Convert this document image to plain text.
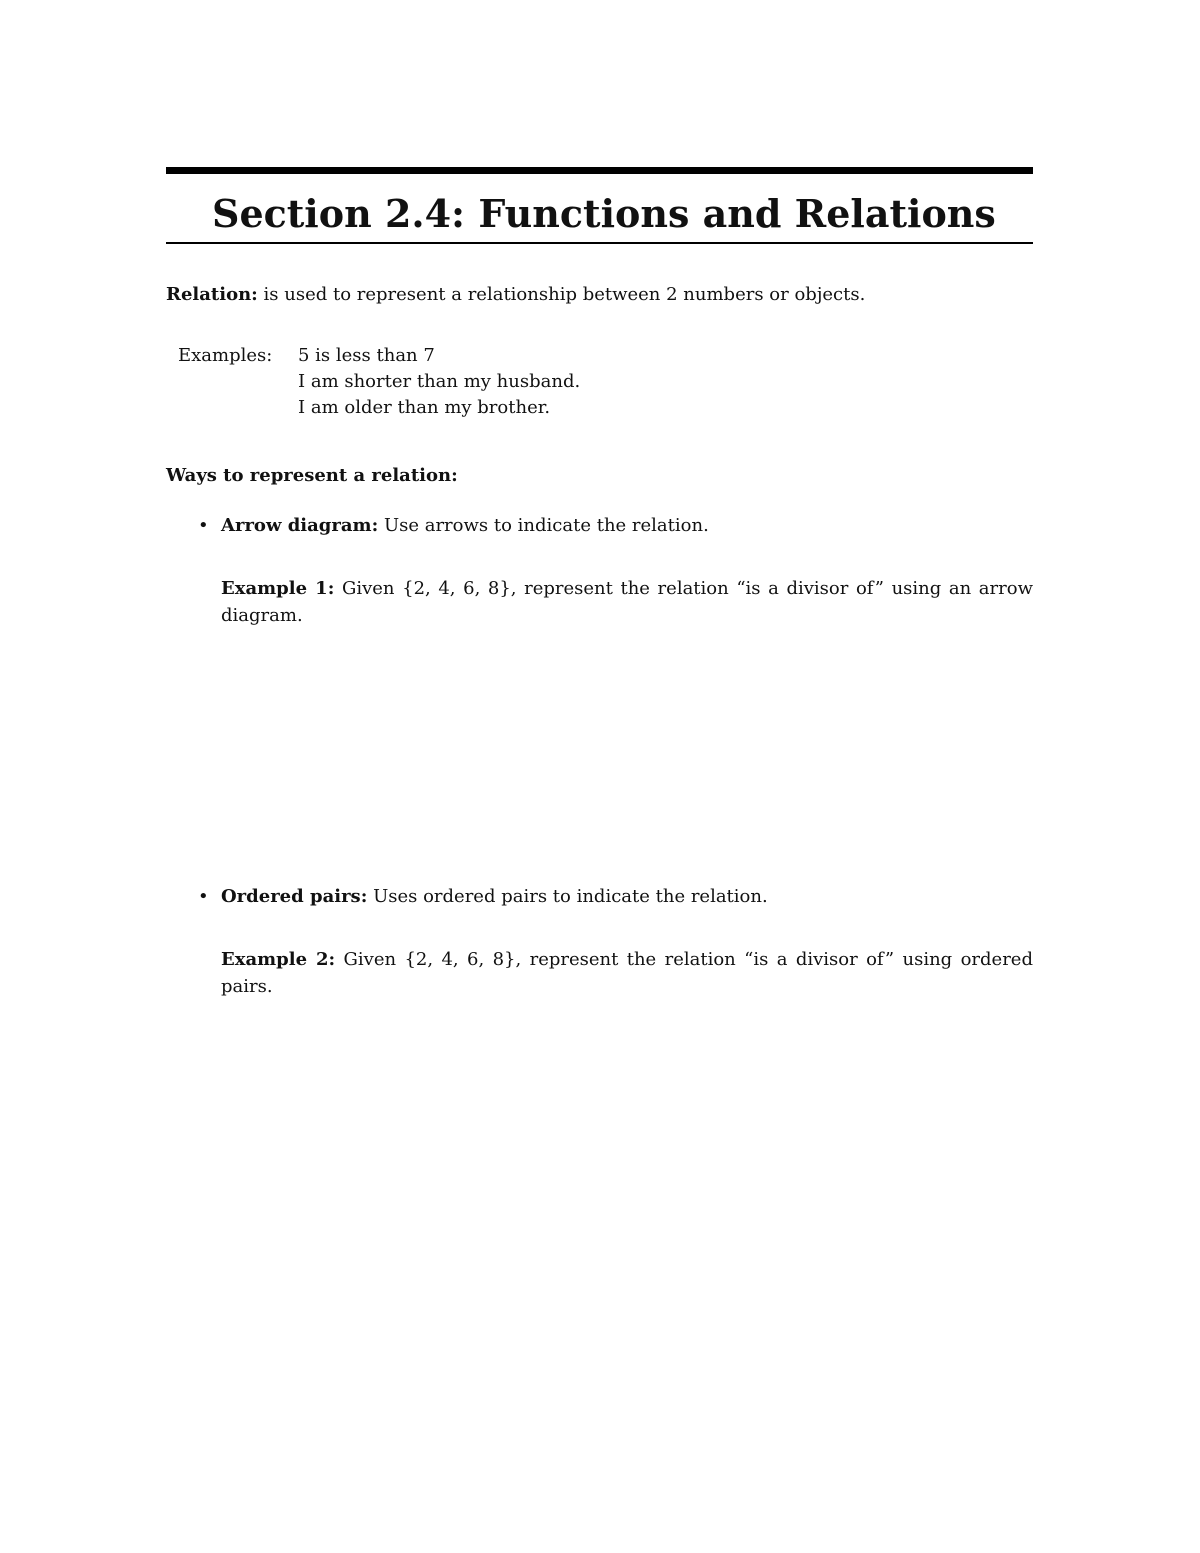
Section 2.4: Functions and Relations
Relation: is used to represent a relationship between 2 numbers or objects.
Examples: 5 is less than 7
I am shorter than my husband.
I am older than my brother.
Ways to represent a relation:
• Arrow diagram: Use arrows to indicate the relation.
Example 1: Given {2, 4, 6, 8}, represent the relation “is a divisor of” using an arrow diagram.
• Ordered pairs: Uses ordered pairs to indicate the relation.
Example 2: Given {2, 4, 6, 8}, represent the relation “is a divisor of” using ordered pairs.
